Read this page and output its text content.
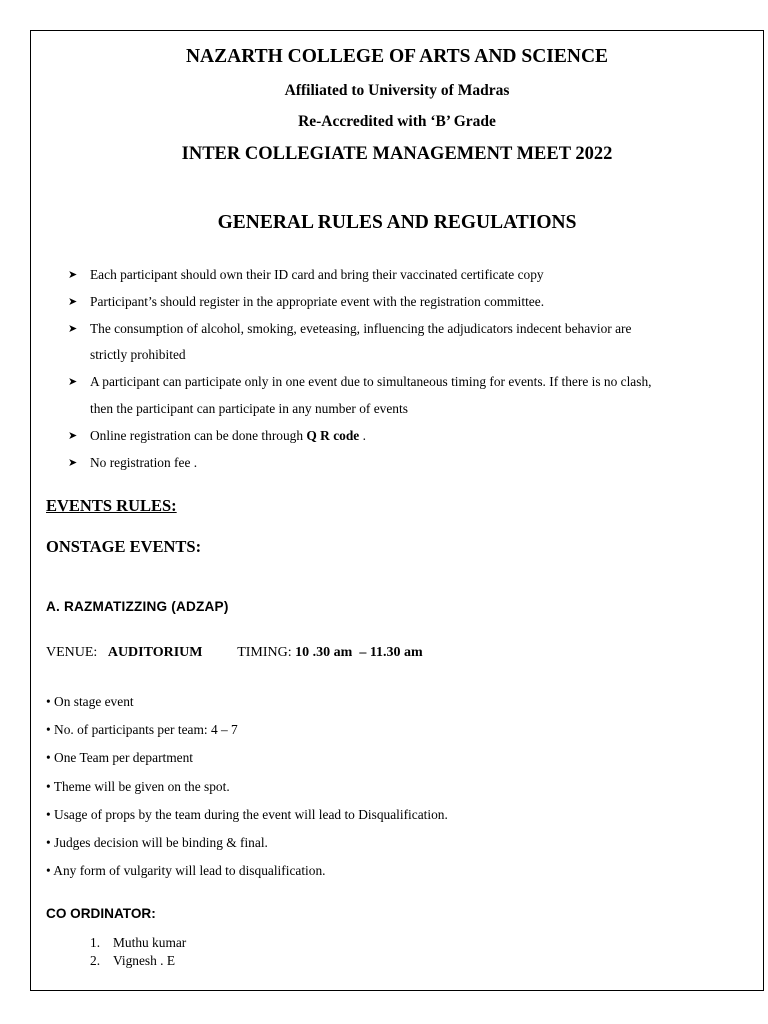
NAZARTH COLLEGE OF ARTS AND SCIENCE
Affiliated to University of Madras
Re-Accredited with ‘B’ Grade
INTER COLLEGIATE MANAGEMENT MEET 2022
GENERAL RULES AND REGULATIONS
➤ Each participant should own their ID card and bring their vaccinated certificate copy
➤ Participant’s should register in the appropriate event with the registration committee.
➤ The consumption of alcohol, smoking, eveteasing, influencing the adjudicators indecent behavior are
strictly prohibited
➤ A participant can participate only in one event due to simultaneous timing for events. If there is no clash,
then the participant can participate in any number of events
➤ Online registration can be done through Q R code .
➤ No registration fee .
EVENTS RULES:
ONSTAGE EVENTS:
A. RAZMATIZZING (ADZAP)
VENUE: AUDITORIUM TIMING: 10 .30 am  – 11.30 am
• On stage event
• No. of participants per team: 4 – 7
• One Team per department
• Theme will be given on the spot.
• Usage of props by the team during the event will lead to Disqualification.
• Judges decision will be binding & final.
• Any form of vulgarity will lead to disqualification.
CO ORDINATOR:
1. Muthu kumar
2. Vignesh . E
